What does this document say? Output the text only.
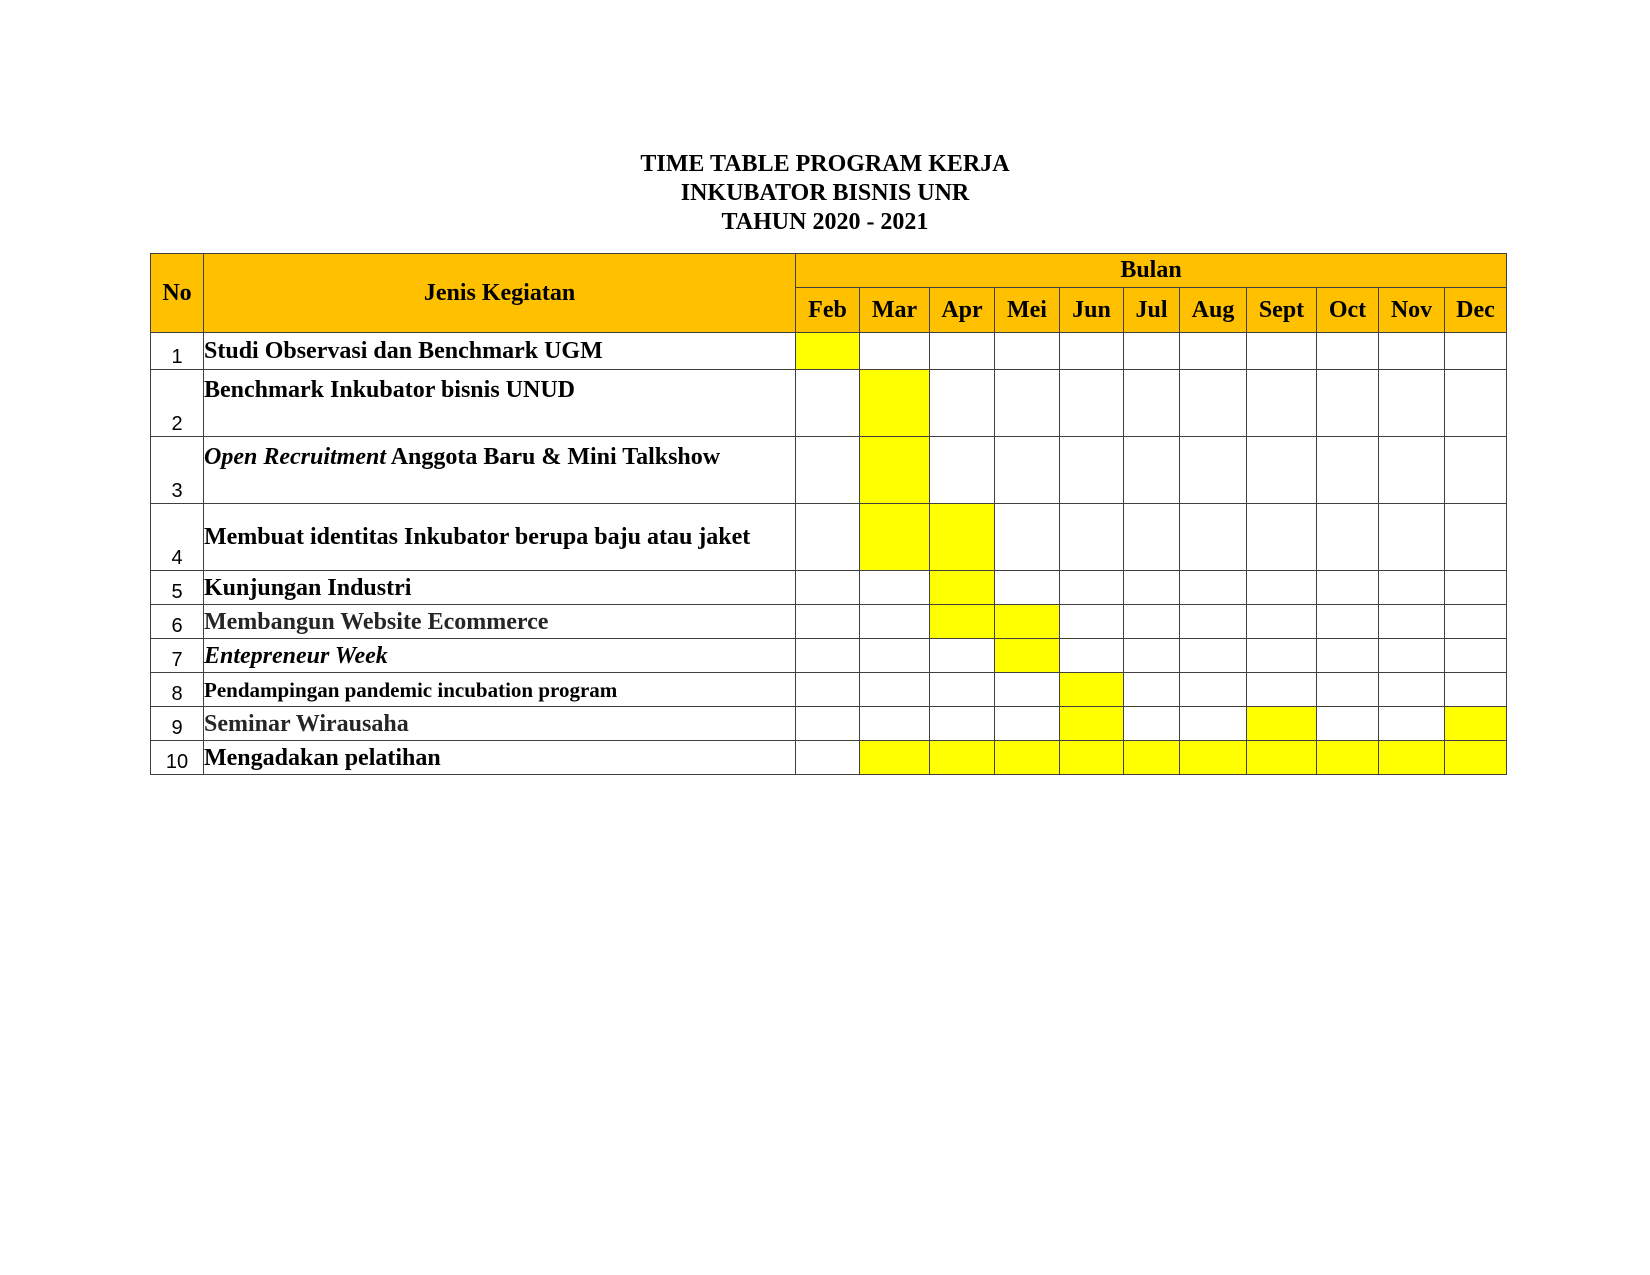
TIME TABLE PROGRAM KERJA
INKUBATOR BISNIS UNR
TAHUN 2020 - 2021
No	Jenis Kegiatan	Bulan										
		Feb	Mar	Apr	Mei	Jun	Jul	Aug	Sept	Oct	Nov	Dec
1	Studi Observasi dan Benchmark UGM											
2	Benchmark Inkubator bisnis UNUD											
3	Open Recruitment Anggota Baru & Mini Talkshow											
4	Membuat identitas Inkubator berupa baju atau jaket											
5	Kunjungan Industri											
6	Membangun Website Ecommerce											
7	Entepreneur Week											
8	Pendampingan pandemic incubation program											
9	Seminar Wirausaha											
10	Mengadakan pelatihan											
